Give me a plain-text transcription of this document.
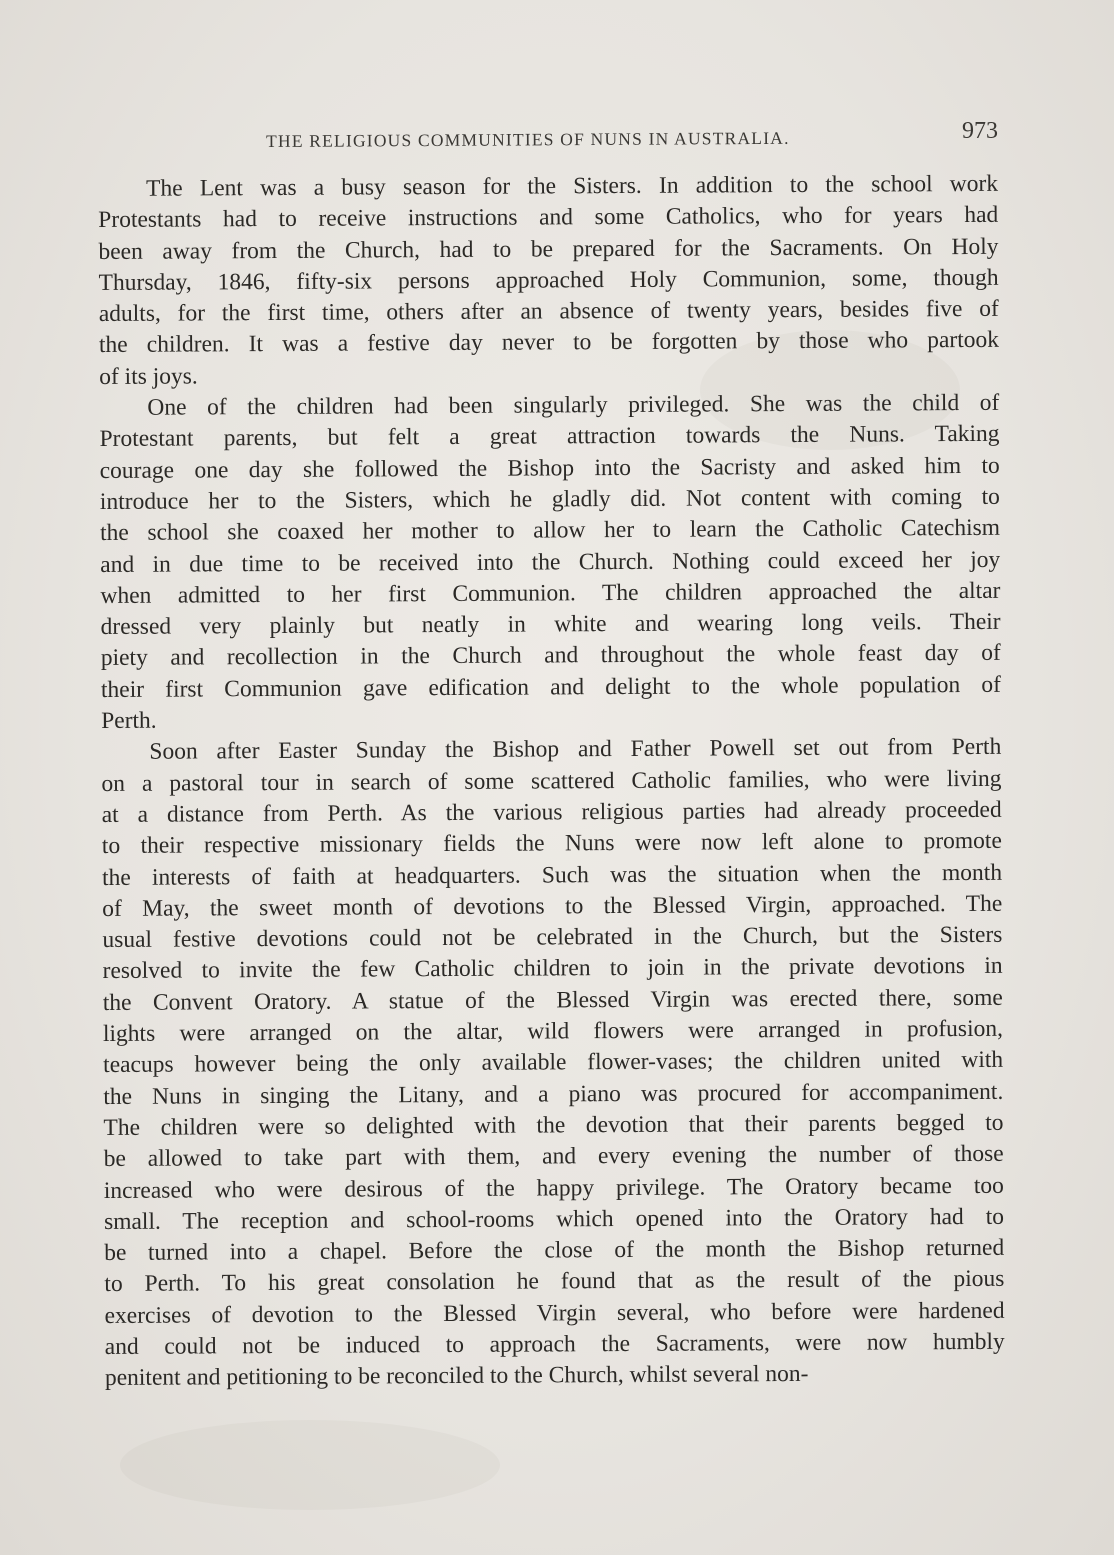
THE RELIGIOUS COMMUNITIES OF NUNS IN AUSTRALIA.	973
The Lent was a busy season for the Sisters. In addition to the school work
Protestants had to receive instructions and some Catholics, who for years had
been away from the Church, had to be prepared for the Sacraments. On Holy
Thursday, 1846, fifty-six persons approached Holy Communion, some, though
adults, for the first time, others after an absence of twenty years, besides five of
the children. It was a festive day never to be forgotten by those who partook
of its joys.
One of the children had been singularly privileged. She was the child of
Protestant parents, but felt a great attraction towards the Nuns. Taking
courage one day she followed the Bishop into the Sacristy and asked him to
introduce her to the Sisters, which he gladly did. Not content with coming to
the school she coaxed her mother to allow her to learn the Catholic Catechism
and in due time to be received into the Church. Nothing could exceed her joy
when admitted to her first Communion. The children approached the altar
dressed very plainly but neatly in white and wearing long veils. Their
piety and recollection in the Church and throughout the whole feast day of
their first Communion gave edification and delight to the whole population of
Perth.
Soon after Easter Sunday the Bishop and Father Powell set out from Perth
on a pastoral tour in search of some scattered Catholic families, who were living
at a distance from Perth. As the various religious parties had already proceeded
to their respective missionary fields the Nuns were now left alone to promote
the interests of faith at headquarters. Such was the situation when the month
of May, the sweet month of devotions to the Blessed Virgin, approached. The
usual festive devotions could not be celebrated in the Church, but the Sisters
resolved to invite the few Catholic children to join in the private devotions in
the Convent Oratory. A statue of the Blessed Virgin was erected there, some
lights were arranged on the altar, wild flowers were arranged in profusion,
teacups however being the only available flower-vases; the children united with
the Nuns in singing the Litany, and a piano was procured for accompaniment.
The children were so delighted with the devotion that their parents begged to
be allowed to take part with them, and every evening the number of those
increased who were desirous of the happy privilege. The Oratory became too
small. The reception and school-rooms which opened into the Oratory had to
be turned into a chapel. Before the close of the month the Bishop returned
to Perth. To his great consolation he found that as the result of the pious
exercises of devotion to the Blessed Virgin several, who before were hardened
and could not be induced to approach the Sacraments, were now humbly
penitent and petitioning to be reconciled to the Church, whilst several non-
